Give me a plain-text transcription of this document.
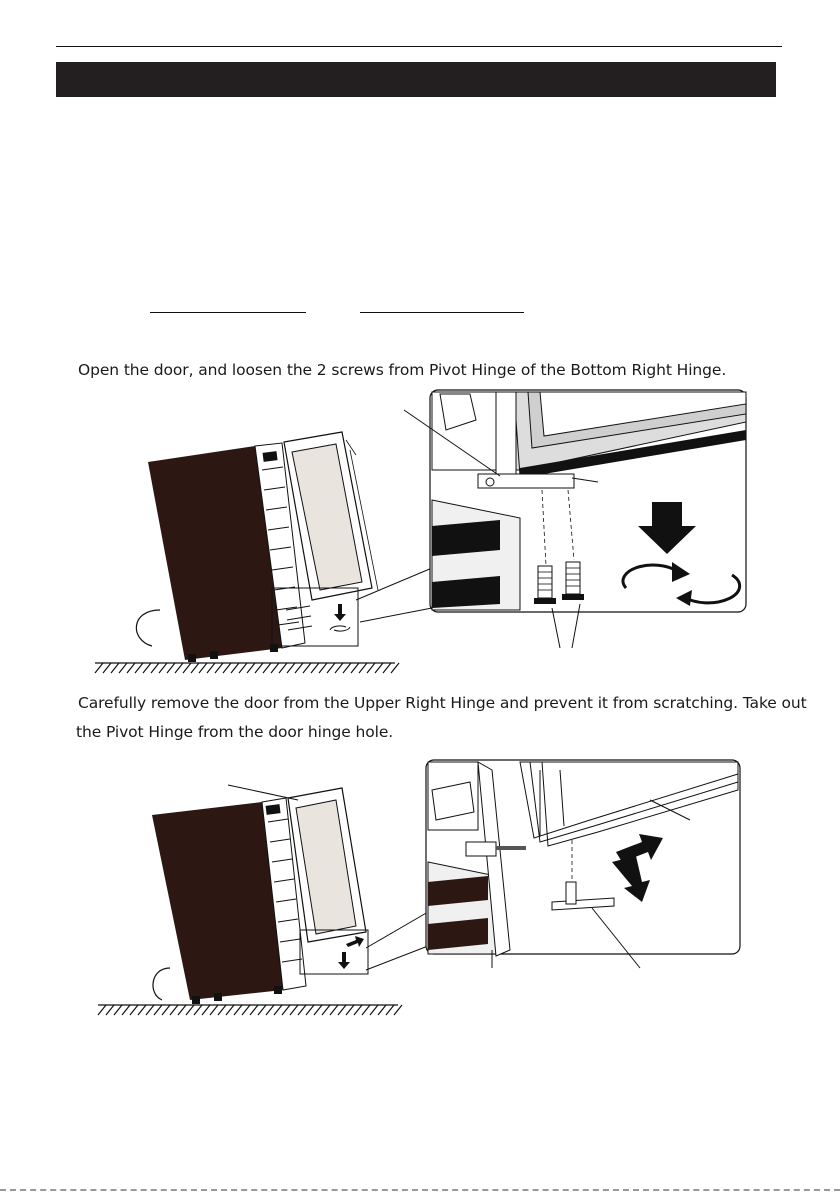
Open the door, and loosen the 2 screws from Pivot Hinge of the Bottom Right Hinge.
Carefully remove the door from the Upper Right Hinge and prevent it from scratching. Take out
the Pivot Hinge from the door hinge hole.
